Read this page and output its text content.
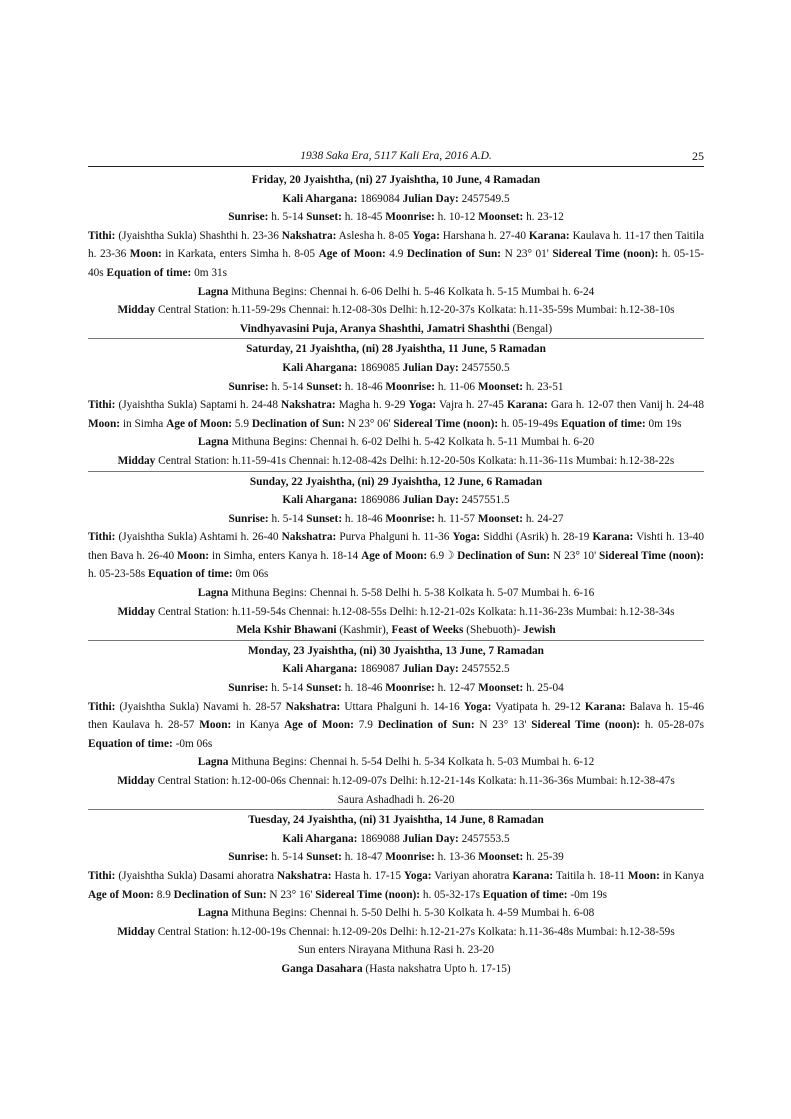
1938 Saka Era, 5117 Kali Era, 2016 A.D.	25
Friday, 20 Jyaishtha, (ni) 27 Jyaishtha, 10 June, 4 Ramadan
Kali Ahargana: 1869084 Julian Day: 2457549.5
Sunrise: h. 5-14 Sunset: h. 18-45 Moonrise: h. 10-12 Moonset: h. 23-12
Tithi: (Jyaishtha Sukla) Shashthi h. 23-36 Nakshatra: Aslesha h. 8-05 Yoga: Harshana h. 27-40 Karana: Kaulava h. 11-17 then Taitila h. 23-36 Moon: in Karkata, enters Simha h. 8-05 Age of Moon: 4.9 Declination of Sun: N 23° 01' Sidereal Time (noon): h. 05-15-40s Equation of time: 0m 31s
Lagna Mithuna Begins: Chennai h. 6-06 Delhi h. 5-46 Kolkata h. 5-15 Mumbai h. 6-24
Midday Central Station: h.11-59-29s Chennai: h.12-08-30s Delhi: h.12-20-37s Kolkata: h.11-35-59s Mumbai: h.12-38-10s
Vindhyavasini Puja, Aranya Shashthi, Jamatri Shashthi (Bengal)
Saturday, 21 Jyaishtha, (ni) 28 Jyaishtha, 11 June, 5 Ramadan
Kali Ahargana: 1869085 Julian Day: 2457550.5
Sunrise: h. 5-14 Sunset: h. 18-46 Moonrise: h. 11-06 Moonset: h. 23-51
Tithi: (Jyaishtha Sukla) Saptami h. 24-48 Nakshatra: Magha h. 9-29 Yoga: Vajra h. 27-45 Karana: Gara h. 12-07 then Vanij h. 24-48 Moon: in Simha Age of Moon: 5.9 Declination of Sun: N 23° 06' Sidereal Time (noon): h. 05-19-49s Equation of time: 0m 19s
Lagna Mithuna Begins: Chennai h. 6-02 Delhi h. 5-42 Kolkata h. 5-11 Mumbai h. 6-20
Midday Central Station: h.11-59-41s Chennai: h.12-08-42s Delhi: h.12-20-50s Kolkata: h.11-36-11s Mumbai: h.12-38-22s
Sunday, 22 Jyaishtha, (ni) 29 Jyaishtha, 12 June, 6 Ramadan
Kali Ahargana: 1869086 Julian Day: 2457551.5
Sunrise: h. 5-14 Sunset: h. 18-46 Moonrise: h. 11-57 Moonset: h. 24-27
Tithi: (Jyaishtha Sukla) Ashtami h. 26-40 Nakshatra: Purva Phalguni h. 11-36 Yoga: Siddhi (Asrik) h. 28-19 Karana: Vishti h. 13-40 then Bava h. 26-40 Moon: in Simha, enters Kanya h. 18-14 Age of Moon: 6.9☽ Declination of Sun: N 23° 10' Sidereal Time (noon): h. 05-23-58s Equation of time: 0m 06s
Lagna Mithuna Begins: Chennai h. 5-58 Delhi h. 5-38 Kolkata h. 5-07 Mumbai h. 6-16
Midday Central Station: h.11-59-54s Chennai: h.12-08-55s Delhi: h.12-21-02s Kolkata: h.11-36-23s Mumbai: h.12-38-34s
Mela Kshir Bhawani (Kashmir), Feast of Weeks (Shebuoth)- Jewish
Monday, 23 Jyaishtha, (ni) 30 Jyaishtha, 13 June, 7 Ramadan
Kali Ahargana: 1869087 Julian Day: 2457552.5
Sunrise: h. 5-14 Sunset: h. 18-46 Moonrise: h. 12-47 Moonset: h. 25-04
Tithi: (Jyaishtha Sukla) Navami h. 28-57 Nakshatra: Uttara Phalguni h. 14-16 Yoga: Vyatipata h. 29-12 Karana: Balava h. 15-46 then Kaulava h. 28-57 Moon: in Kanya Age of Moon: 7.9 Declination of Sun: N 23° 13' Sidereal Time (noon): h. 05-28-07s Equation of time: -0m 06s
Lagna Mithuna Begins: Chennai h. 5-54 Delhi h. 5-34 Kolkata h. 5-03 Mumbai h. 6-12
Midday Central Station: h.12-00-06s Chennai: h.12-09-07s Delhi: h.12-21-14s Kolkata: h.11-36-36s Mumbai: h.12-38-47s
Saura Ashadhadi h. 26-20
Tuesday, 24 Jyaishtha, (ni) 31 Jyaishtha, 14 June, 8 Ramadan
Kali Ahargana: 1869088 Julian Day: 2457553.5
Sunrise: h. 5-14 Sunset: h. 18-47 Moonrise: h. 13-36 Moonset: h. 25-39
Tithi: (Jyaishtha Sukla) Dasami ahoratra Nakshatra: Hasta h. 17-15 Yoga: Variyan ahoratra Karana: Taitila h. 18-11 Moon: in Kanya Age of Moon: 8.9 Declination of Sun: N 23° 16' Sidereal Time (noon): h. 05-32-17s Equation of time: -0m 19s
Lagna Mithuna Begins: Chennai h. 5-50 Delhi h. 5-30 Kolkata h. 4-59 Mumbai h. 6-08
Midday Central Station: h.12-00-19s Chennai: h.12-09-20s Delhi: h.12-21-27s Kolkata: h.11-36-48s Mumbai: h.12-38-59s
Sun enters Nirayana Mithuna Rasi h. 23-20
Ganga Dasahara (Hasta nakshatra Upto h. 17-15)
